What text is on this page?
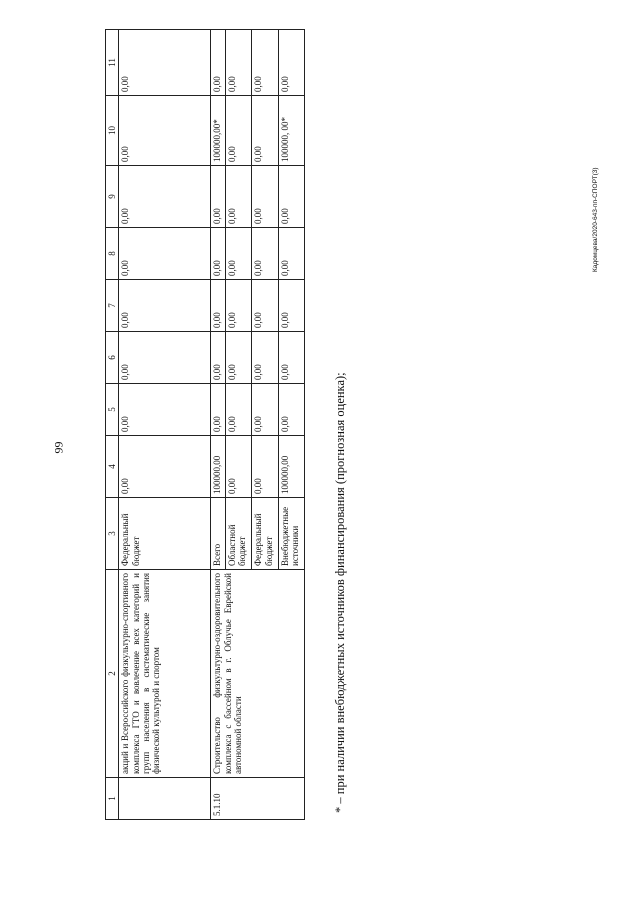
99
1	2	3	4	5	6	7	8	9	10	11
	акций и Всероссийского физкультурно-спортивного комплекса ГТО и вовлечение всех категорий и групп населения в систематические занятия физической культурой и спортом	Федеральный бюджет	0,00	0,00	0,00	0,00	0,00	0,00	0,00	0,00
5.1.10	Строительство физкультурно-оздоровительного комплекса с бассейном в г. Облучье Еврейской автономной области	Всего	100000,00	0,00	0,00	0,00	0,00	0,00	100000,00*	0,00
		Областной бюджет	0,00	0,00	0,00	0,00	0,00	0,00	0,00	0,00
		Федеральный бюджет	0,00	0,00	0,00	0,00	0,00	0,00	0,00	0,00
		Внебюджетные источники	100000,00	0,00	0,00	0,00	0,00	0,00	100000, 00*	0,00
* – при наличии внебюджетных источников финансирования (прогнозная оценка);
Кадомцева/2020-643-пп-СПОРТ(3)
